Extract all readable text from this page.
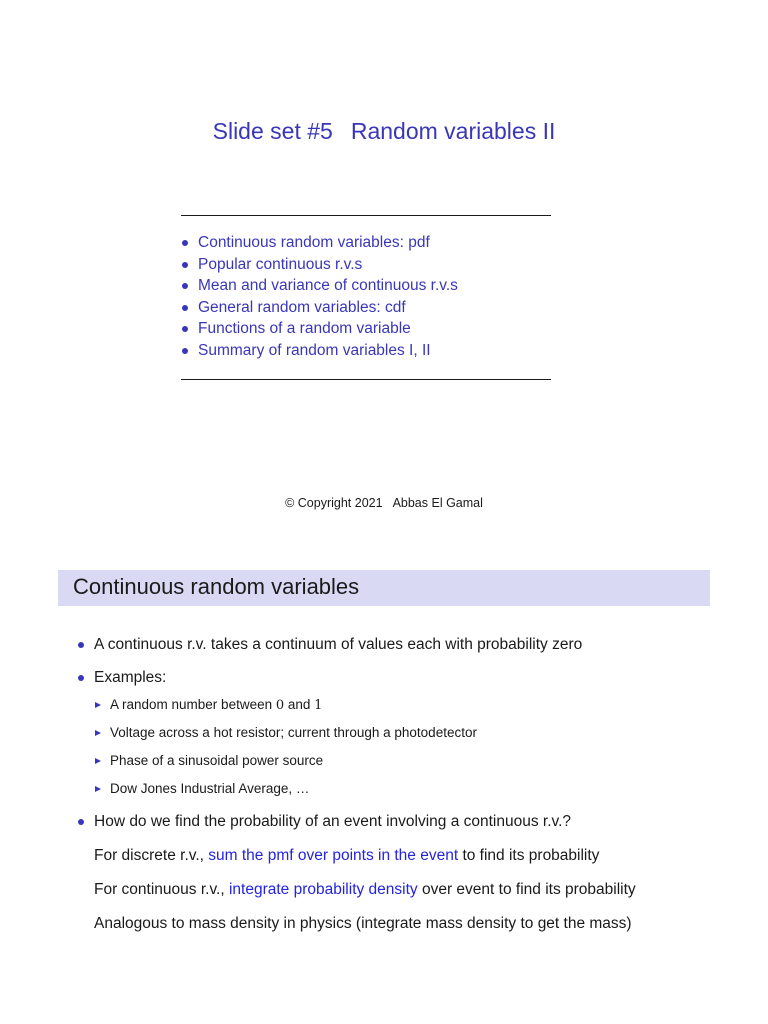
Slide set #5 Random variables II
Continuous random variables: pdf
Popular continuous r.v.s
Mean and variance of continuous r.v.s
General random variables: cdf
Functions of a random variable
Summary of random variables I, II
© Copyright 2021 Abbas El Gamal
Continuous random variables
A continuous r.v. takes a continuum of values each with probability zero
Examples:
A random number between 0 and 1
Voltage across a hot resistor; current through a photodetector
Phase of a sinusoidal power source
Dow Jones Industrial Average, …
How do we find the probability of an event involving a continuous r.v.?
For discrete r.v., sum the pmf over points in the event to find its probability
For continuous r.v., integrate probability density over event to find its probability
Analogous to mass density in physics (integrate mass density to get the mass)
